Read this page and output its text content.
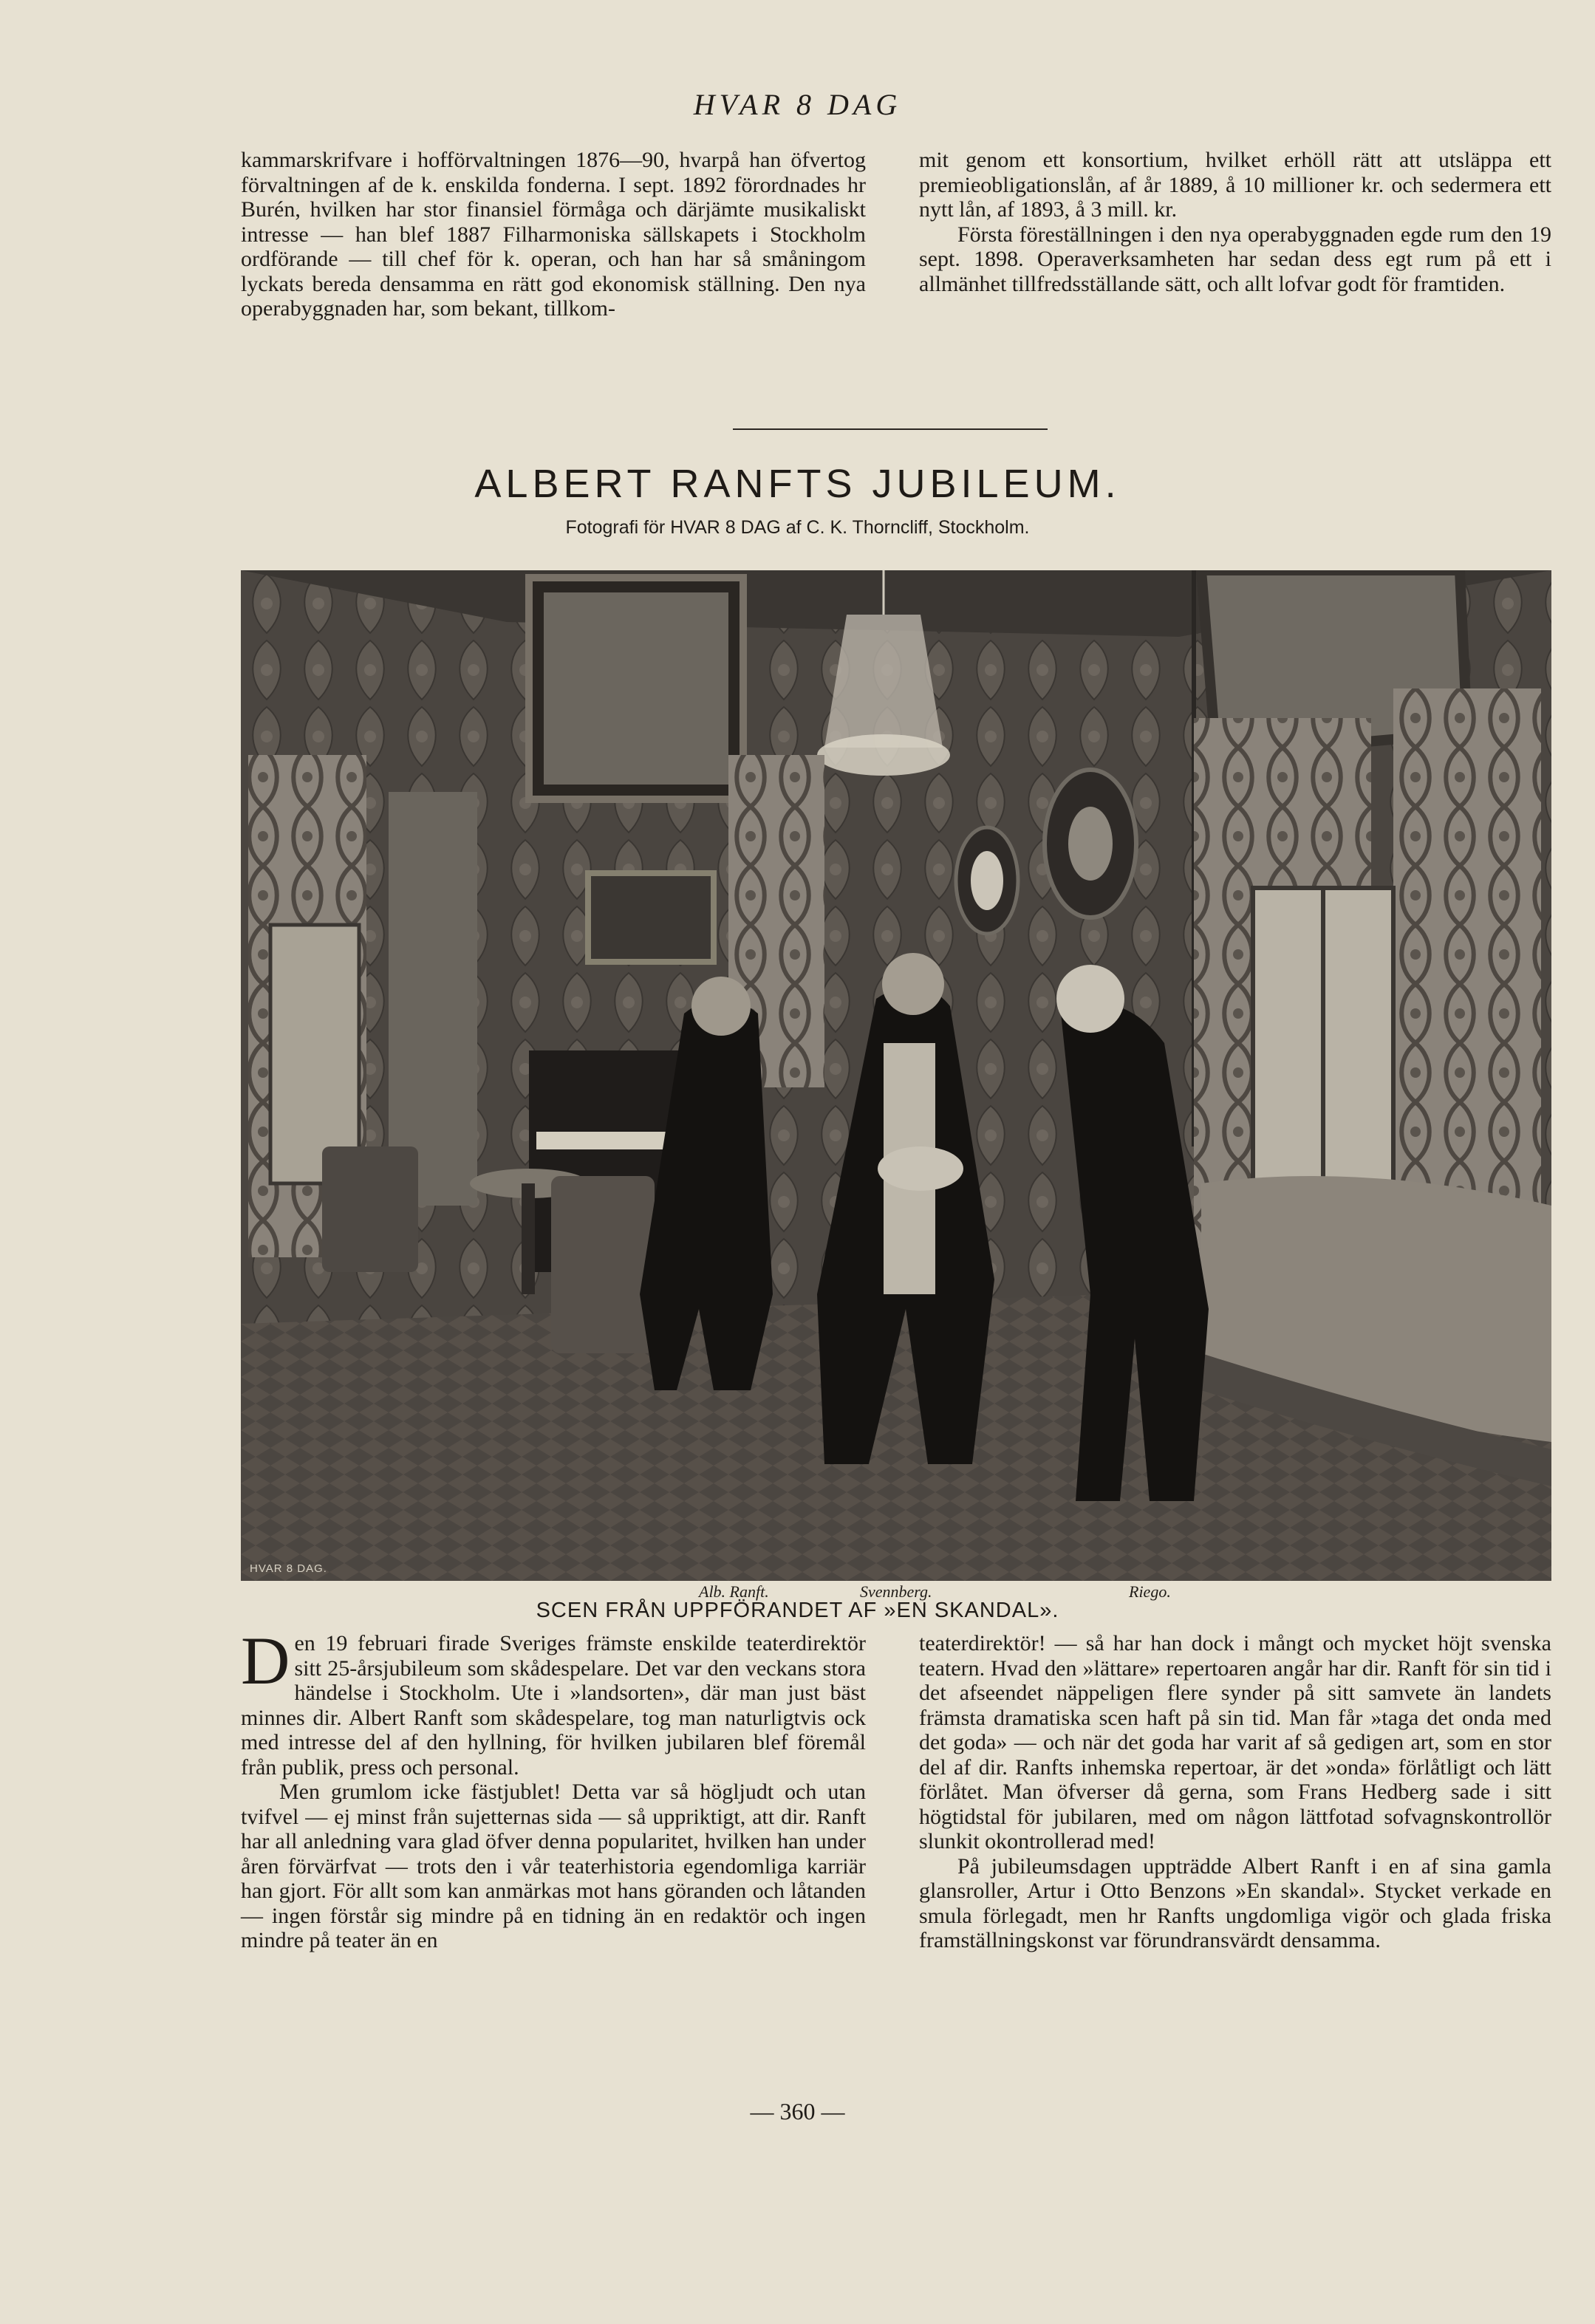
HVAR 8 DAG

kammarskrifvare i hofförvaltningen 1876—90, hvarpå han öfvertog förvaltningen af de k. enskilda fonderna. I sept. 1892 förordnades hr Burén, hvilken har stor finansiel förmåga och därjämte musikaliskt intresse — han blef 1887 Filharmoniska sällskapets i Stockholm ordförande — till chef för k. operan, och han har så småningom lyckats bereda densamma en rätt god ekonomisk ställning. Den nya operabyggnaden har, som bekant, tillkom-

mit genom ett konsortium, hvilket erhöll rätt att utsläppa ett premieobligationslån, af år 1889, å 10 millioner kr. och sedermera ett nytt lån, af 1893, å 3 mill. kr.

Första föreställningen i den nya operabyggnaden egde rum den 19 sept. 1898. Operaverksamheten har sedan dess egt rum på ett i allmänhet tillfredsställande sätt, och allt lofvar godt för framtiden.

ALBERT RANFTS JUBILEUM.
Fotografi för HVAR 8 DAG af C. K. Thorncliff, Stockholm.
HVAR 8 DAG.
Alb. Ranft.	Svennberg.	Riego.
SCEN FRÅN UPPFÖRANDET AF »EN SKANDAL».

Den 19 februari firade Sveriges främste enskilde teaterdirektör sitt 25-årsjubileum som skådespelare. Det var den veckans stora händelse i Stockholm. Ute i »landsorten», där man just bäst minnes dir. Albert Ranft som skådespelare, tog man naturligtvis ock med intresse del af den hyllning, för hvilken jubilaren blef föremål från publik, press och personal.

Men grumlom icke fästjublet! Detta var så högljudt och utan tvifvel — ej minst från sujetternas sida — så uppriktigt, att dir. Ranft har all anledning vara glad öfver denna popularitet, hvilken han under åren förvärfvat — trots den i vår teaterhistoria egendomliga karriär han gjort. För allt som kan anmärkas mot hans göranden och låtanden — ingen förstår sig mindre på en tidning än en redaktör och ingen mindre på teater än en

teaterdirektör! — så har han dock i mångt och mycket höjt svenska teatern. Hvad den »lättare» repertoaren angår har dir. Ranft för sin tid i det afseendet näppeligen flere synder på sitt samvete än landets främsta dramatiska scen haft på sin tid. Man får »taga det onda med det goda» — och när det goda har varit af så gedigen art, som en stor del af dir. Ranfts inhemska repertoar, är det »onda» förlåtligt och lätt förlåtet. Man öfverser då gerna, som Frans Hedberg sade i sitt högtidstal för jubilaren, med om någon lättfotad sofvagnskontrollör slunkit okontrollerad med!

På jubileumsdagen uppträdde Albert Ranft i en af sina gamla glansroller, Artur i Otto Benzons »En skandal». Stycket verkade en smula förlegadt, men hr Ranfts ungdomliga vigör och glada friska framställningskonst var förundransvärdt densamma.

— 360 —
